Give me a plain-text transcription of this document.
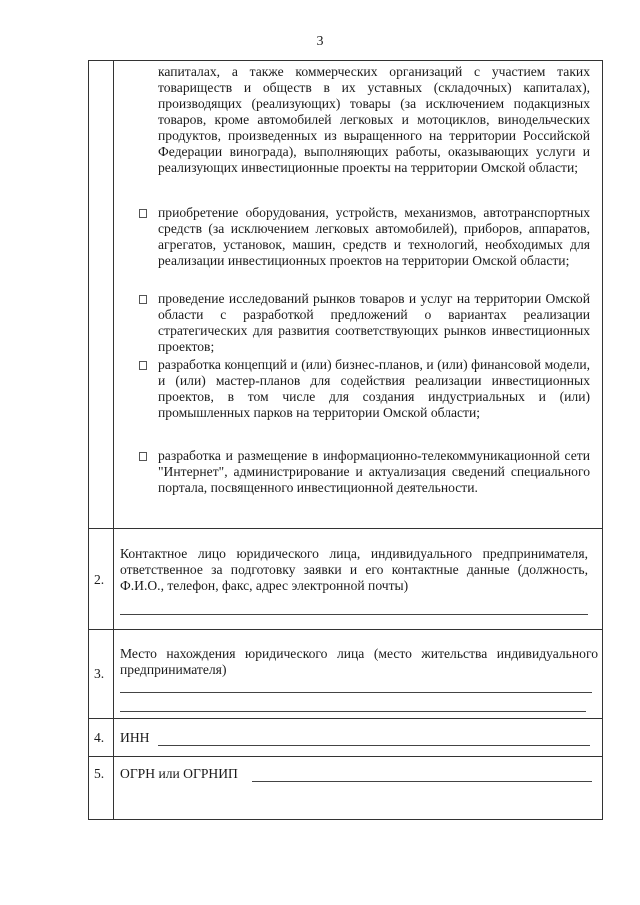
3
капиталах, а также коммерческих организаций с участием таких товариществ и обществ в их уставных (складочных) капиталах), производящих (реализующих) товары (за исключением подакцизных товаров, кроме автомобилей легковых и мотоциклов, винодельческих продуктов, произведенных из выращенного на территории Российской Федерации винограда), выполняющих работы, оказывающих услуги и реализующих инвестиционные проекты на территории Омской области;
приобретение оборудования, устройств, механизмов, автотранспортных средств (за исключением легковых автомобилей), приборов, аппаратов, агрегатов, установок, машин, средств и технологий, необходимых для реализации инвестиционных проектов на территории Омской области;
проведение исследований рынков товаров и услуг на территории Омской области с разработкой предложений о вариантах реализации стратегических для развития соответствующих рынков инвестиционных проектов;
разработка концепций и (или) бизнес-планов, и (или) финансовой модели, и (или) мастер-планов для содействия реализации инвестиционных проектов, в том числе для создания индустриальных и (или) промышленных парков на территории Омской области;
разработка и размещение в информационно-телекоммуникационной сети "Интернет", администрирование и актуализация сведений специального портала, посвященного инвестиционной деятельности.
2.
Контактное лицо юридического лица, индивидуального предпринимателя, ответственное за подготовку заявки и его контактные данные (должность, Ф.И.О., телефон, факс, адрес электронной почты)
3.
Место нахождения юридического лица (место жительства индивидуального предпринимателя)
4. ИНН
5. ОГРН или ОГРНИП
